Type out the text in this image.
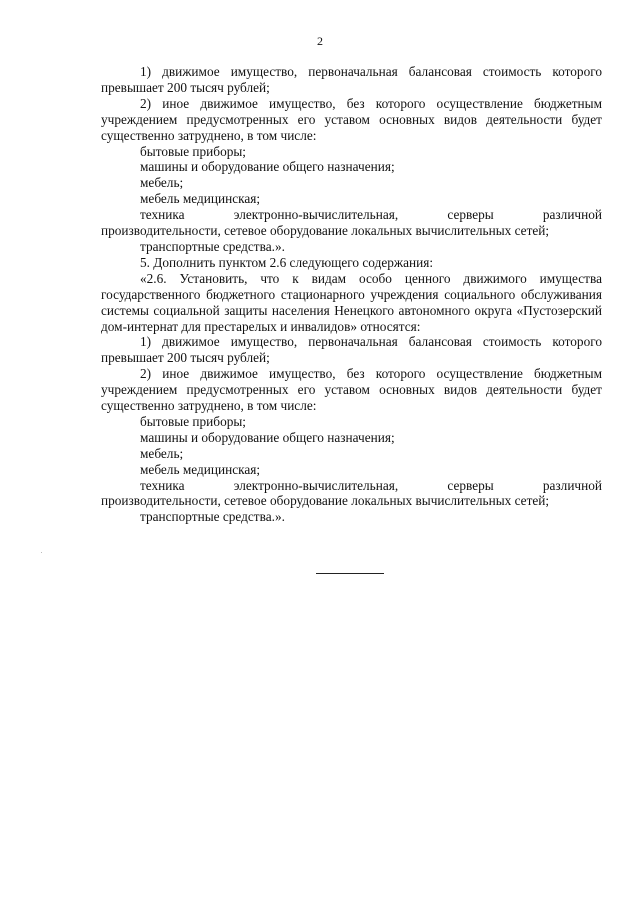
2

1) движимое имущество, первоначальная балансовая стоимость которого превышает 200 тысяч рублей;

2) иное движимое имущество, без которого осуществление бюджетным учреждением предусмотренных его уставом основных видов деятельности будет существенно затруднено, в том числе:

бытовые приборы;

машины и оборудование общего назначения;

мебель;

мебель медицинская;

техника	электронно-вычислительная,	серверы	различной

производительности, сетевое оборудование локальных вычислительных сетей;

транспортные средства.».

5. Дополнить пунктом 2.6 следующего содержания:

«2.6. Установить, что к видам особо ценного движимого имущества государственного бюджетного стационарного учреждения социального обслуживания системы социальной защиты населения Ненецкого автономного округа «Пустозерский дом-интернат для престарелых и инвалидов» относятся:

1) движимое имущество, первоначальная балансовая стоимость которого превышает 200 тысяч рублей;

2) иное движимое имущество, без которого осуществление бюджетным учреждением предусмотренных его уставом основных видов деятельности будет существенно затруднено, в том числе:

бытовые приборы;

машины и оборудование общего назначения;

мебель;

мебель медицинская;

техника	электронно-вычислительная,	серверы	различной

производительности, сетевое оборудование локальных вычислительных сетей;

транспортные средства.».
